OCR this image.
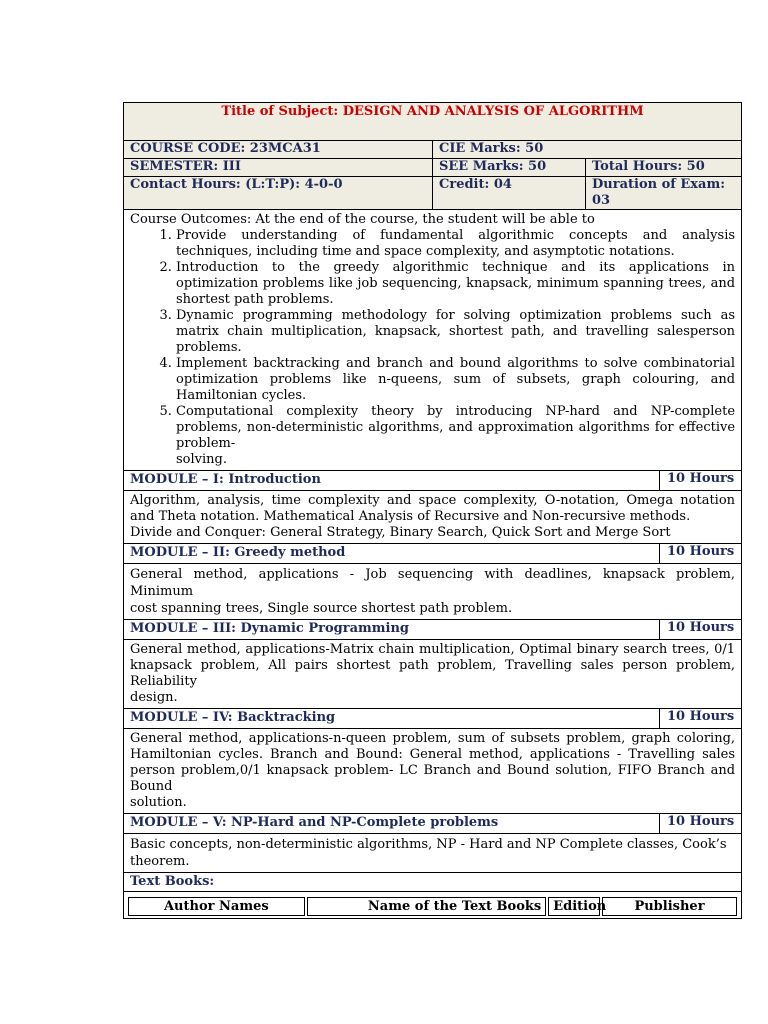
Title of Subject: DESIGN AND ANALYSIS OF ALGORITHM
COURSE CODE: 23MCA31	CIE Marks: 50
SEMESTER: III	SEE Marks: 50	Total Hours: 50
Contact Hours: (L:T:P): 4-0-0	Credit: 04	Duration of Exam: 03

Course Outcomes: At the end of the course, the student will be able to
1. Provide understanding of fundamental algorithmic concepts and analysis techniques, including time and space complexity, and asymptotic notations.
2. Introduction to the greedy algorithmic technique and its applications in optimization problems like job sequencing, knapsack, minimum spanning trees, and shortest path problems.
3. Dynamic programming methodology for solving optimization problems such as matrix chain multiplication, knapsack, shortest path, and travelling salesperson problems.
4. Implement backtracking and branch and bound algorithms to solve combinatorial optimization problems like n-queens, sum of subsets, graph colouring, and Hamiltonian cycles.
5. Computational complexity theory by introducing NP-hard and NP-complete problems, non-deterministic algorithms, and approximation algorithms for effective problem-
solving.

MODULE – I: Introduction	10 Hours

Algorithm, analysis, time complexity and space complexity, O-notation, Omega notation and Theta notation. Mathematical Analysis of Recursive and Non-recursive methods.
Divide and Conquer: General Strategy, Binary Search, Quick Sort and Merge Sort

MODULE – II: Greedy method	10 Hours

General method, applications - Job sequencing with deadlines, knapsack problem, Minimum
cost spanning trees, Single source shortest path problem.

MODULE – III: Dynamic Programming	10 Hours

General method, applications-Matrix chain multiplication, Optimal binary search trees, 0/1 knapsack problem, All pairs shortest path problem, Travelling sales person problem, Reliability
design.

MODULE – IV: Backtracking	10 Hours

General method, applications-n-queen problem, sum of subsets problem, graph coloring, Hamiltonian cycles. Branch and Bound: General method, applications - Travelling sales person problem,0/1 knapsack problem- LC Branch and Bound solution, FIFO Branch and Bound
solution.

MODULE – V: NP-Hard and NP-Complete problems	10 Hours

Basic concepts, non-deterministic algorithms, NP - Hard and NP Complete classes, Cook’s
theorem.

Text Books:

Author Names	Name of the Text Books	Edition	Publisher
